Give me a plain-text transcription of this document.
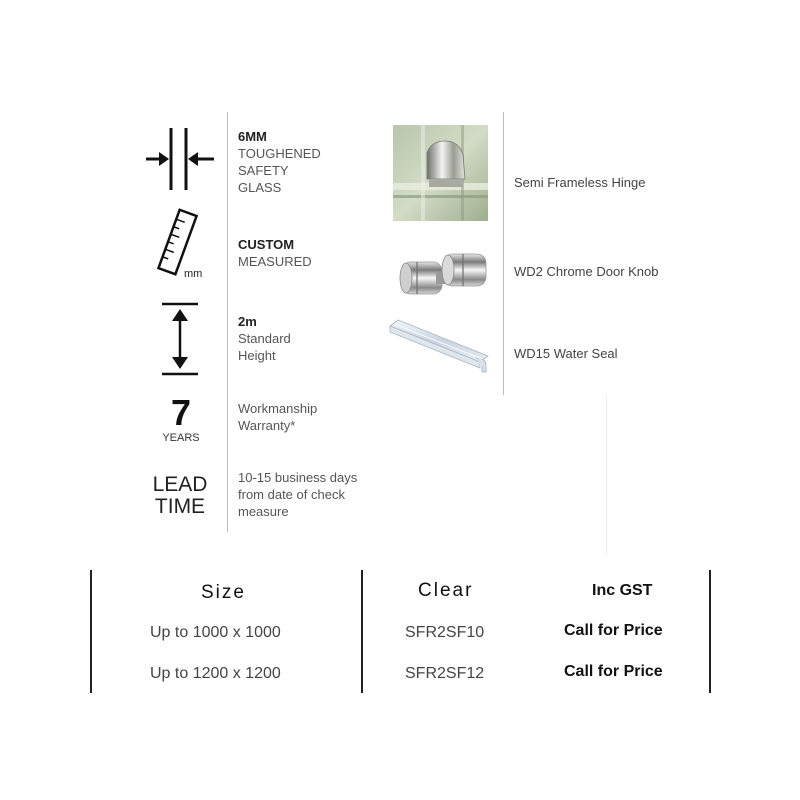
6MM
TOUGHENED
SAFETY
GLASS
mm
CUSTOM
MEASURED
2m
Standard
Height
7
YEARS
Workmanship
Warranty*
LEAD
TIME
10-15 business days
from date of check
measure
Semi Frameless Hinge
WD2 Chrome Door Knob
WD15 Water Seal
Size	Clear	Inc GST
Up to 1000 x 1000	SFR2SF10	Call for Price
Up to 1200 x 1200	SFR2SF12	Call for Price
